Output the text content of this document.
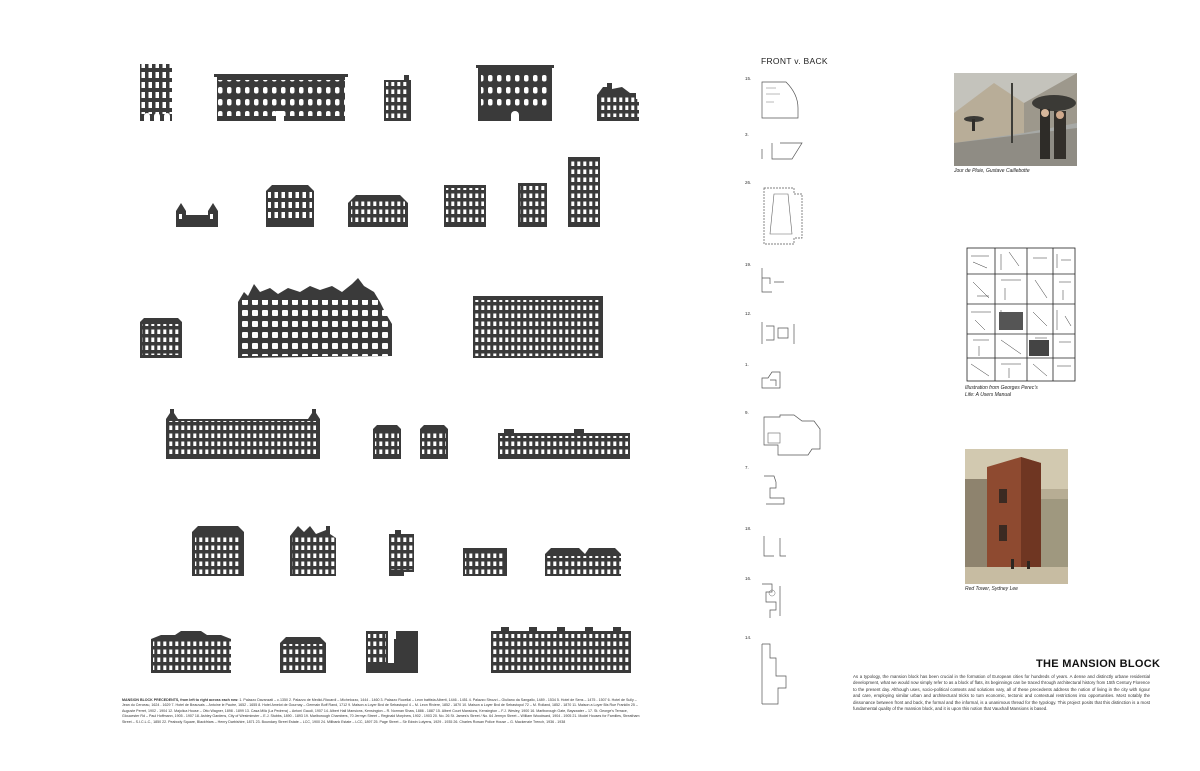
MANSION BLOCK PRECEDENTS, from left to right across each row: 1. Palazzo Davanzati – c.1350 2. Palazzo de Medici-Riccardi – Michelozzo, 1444 - 1460 3. Palazzo Rucellai – Leon battista Alberti, 1446 - 1451 4. Palazzo Strozzi – Giuliano da Sangallo, 1489 - 1534 5. Hotel de Sens – 1475 - 1507 6. Hotel de Sully – Jean du Cerceau, 1624 - 1629 7. Hotel de Beauvais – Antoine le Pautre, 1652 - 1655 8. Hotel Amelot de Gournay – Germain Boff Rand, 1712 9. Maison a Loyer Bvd de Sebastopol 4 – M. Leon Riviere, 1852 - 1870 10. Maison a Loyer Bvd de Sebastopol 72 – M. Rolland, 1852 - 1870 11. Maison a Loyer Bis Rue Franklin 25 – Auguste Perret, 1902 - 1904 12. Majolica House – Otto Wagner, 1898 - 1899 13. Casa Milà (La Pedrera) – Antoni Gaudí, 1907 14. Albert Hall Mansions, Kensington – R. Norman Shaw, 1886 - 1887 15. Albert Court Mansions, Kensington – F.J. Wesley, 1900 16. Marlborough Gate, Bayswater – 17. St. George’s Terrace, Gloucester Rd – Paul Hoffmann, 1905 - 1907 18. Ashley Gardens, City of Westminster – E.J. Stubbs, 1890 - 1893 19. Marlborough Chambers, 70 Jermyn Street – Reginald Morphew, 1902 - 1903 20. No. 26 St. James’s Street / No. 64 Jermyn Street – William Woodward, 1904 - 1905 21. Model Houses for Families, Streatham Street – S.I.C.L.C., 1850 22. Peabody Square, Blackfriars – Henry Darbishire, 1871 23. Boundary Street Estate – LCC, 1900 24. Millbank Estate – LCC, 1897 25. Page Street – Sir Edwin Lutyens, 1929 - 1935 26. Charles Rowan Police House – G. Mackenzie Trench, 1936 - 1938
FRONT v. BACK
15.
3.
26.
19.
12.
1.
9.
7.
18.
16.
14.
Jour de Pluie, Gustave Caillebotte
Illustration from Georges Perec’s
Life: A Users Manual
Red Tower, Sydney Lee
THE MANSION BLOCK
As a typology, the mansion block has been crucial in the formation of European cities for hundreds of years. A dense and distinctly urbane residential development, what we would now simply refer to as a block of flats, its beginnings can be traced through architectural history from 15th Century Florence to the present day. Although uses, socio-political contexts and solutions vary, all of these precedents address the notion of living in the city with rigour and care, employing similar urban and architectural tricks to turn economic, tectonic and contextual restrictions into opportunities. Most notably the dissonance between front and back, the formal and the informal, is a unanimous thread for the typology. This project posits that this distinction is a most fundamental quality of the mansion block, and it is upon this notion that Vauxhall Mansions is based.
